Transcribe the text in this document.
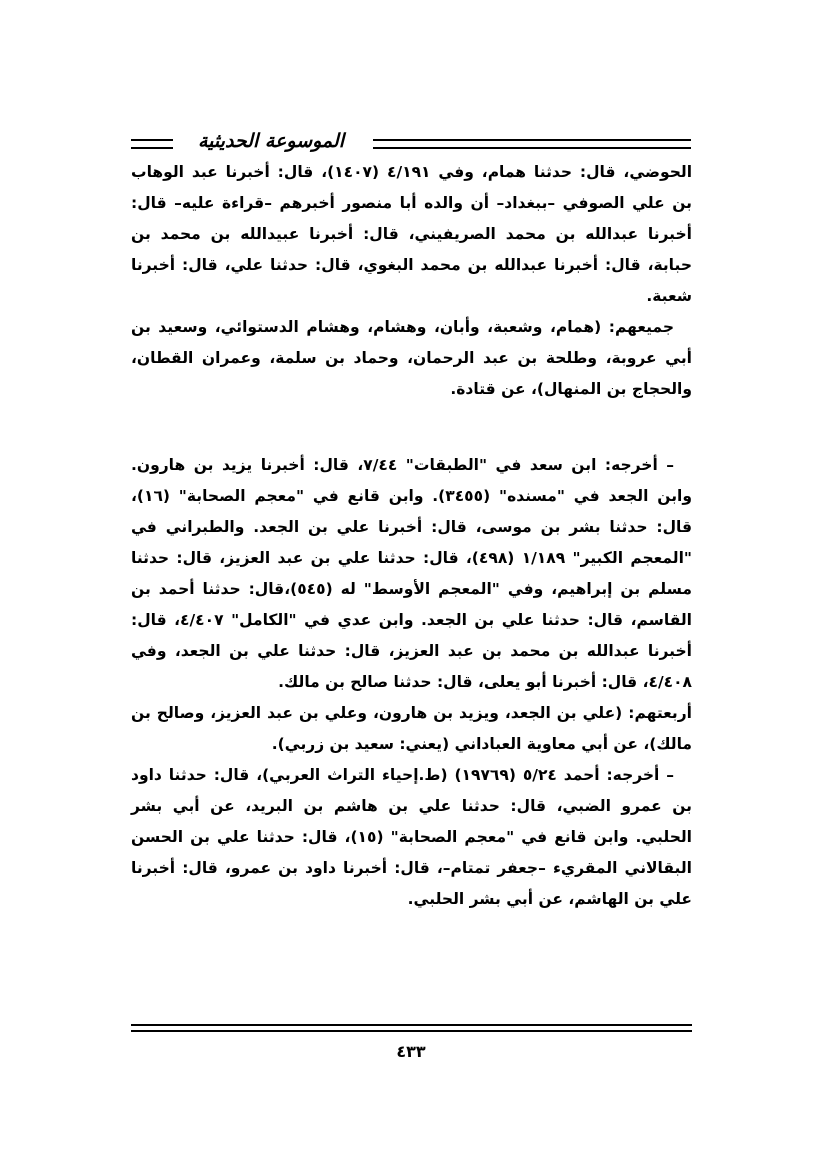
الموسوعة الحديثية

الحوضي، قال: حدثنا همام، وفي ٤/١٩١ (١٤٠٧)، قال: أخبرنا عبد الوهاب بن علي الصوفي –ببغداد– أن والده أبا منصور أخبرهم –قراءة عليه– قال: أخبرنا عبدالله بن محمد الصريفيني، قال: أخبرنا عبيدالله بن محمد بن حبابة، قال: أخبرنا عبدالله بن محمد البغوي، قال: حدثنا علي، قال: أخبرنا شعبة.

جميعهم: (همام، وشعبة، وأبان، وهشام، وهشام الدستوائي، وسعيد بن أبي عروبة، وطلحة بن عبد الرحمان، وحماد بن سلمة، وعمران القطان، والحجاج بن المنهال)، عن قتادة.

– أخرجه: ابن سعد في "الطبقات" ٧/٤٤، قال: أخبرنا يزيد بن هارون. وابن الجعد في "مسنده" (٣٤٥٥). وابن قانع في "معجم الصحابة" (١٦)، قال: حدثنا بشر بن موسى، قال: أخبرنا علي بن الجعد. والطبراني في "المعجم الكبير" ١/١٨٩ (٤٩٨)، قال: حدثنا علي بن عبد العزيز، قال: حدثنا مسلم بن إبراهيم، وفي "المعجم الأوسط" له (٥٤٥)،قال: حدثنا أحمد بن القاسم، قال: حدثنا علي بن الجعد. وابن عدي في "الكامل" ٤/٤٠٧، قال: أخبرنا عبدالله بن محمد بن عبد العزيز، قال: حدثنا علي بن الجعد، وفي ٤/٤٠٨، قال: أخبرنا أبو يعلى، قال: حدثنا صالح بن مالك.

أربعتهم: (علي بن الجعد، ويزيد بن هارون، وعلي بن عبد العزيز، وصالح بن مالك)، عن أبي معاوية العباداني (يعني: سعيد بن زربي).

– أخرجه: أحمد ٥/٢٤ (١٩٧٦٩) (ط.إحياء التراث العربي)، قال: حدثنا داود بن عمرو الضبي، قال: حدثنا علي بن هاشم بن البريد، عن أبي بشر الحلبي. وابن قانع في "معجم الصحابة" (١٥)، قال: حدثنا علي بن الحسن البقالاني المقريء –جعفر تمتام–، قال: أخبرنا داود بن عمرو، قال: أخبرنا علي بن الهاشم، عن أبي بشر الحلبي.

٤٣٣
